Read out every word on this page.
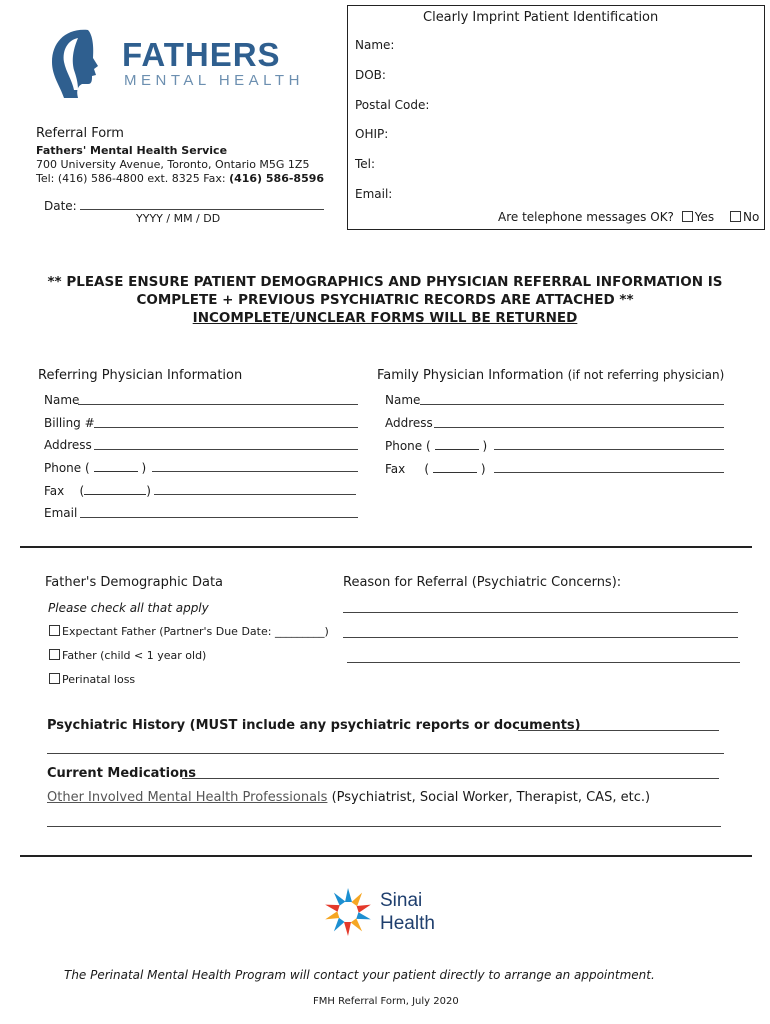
FATHERS
MENTAL HEALTH
Referral Form
Fathers' Mental Health Service
700 University Avenue, Toronto, Ontario M5G 1Z5
Tel: (416) 586-4800 ext. 8325 Fax: (416) 586-8596
Date:
YYYY / MM / DD
Clearly Imprint Patient Identification
Name:
DOB:
Postal Code:
OHIP:
Tel:
Email:
Are telephone messages OK? Yes	No
** PLEASE ENSURE PATIENT DEMOGRAPHICS AND PHYSICIAN REFERRAL INFORMATION IS
COMPLETE + PREVIOUS PSYCHIATRIC RECORDS ARE ATTACHED **
INCOMPLETE/UNCLEAR FORMS WILL BE RETURNED
Referring Physician Information
Name
Billing #
Address
Phone (	)
Fax    (	)
Email
Family Physician Information (if not referring physician)
Name
Address
Phone (	)
Fax     (	)
Father's Demographic Data
Please check all that apply
Expectant Father (Partner's Due Date: _________)
Father (child < 1 year old)
Perinatal loss
Reason for Referral (Psychiatric Concerns):
Psychiatric History (MUST include any psychiatric reports or documents)
Current Medications
Other Involved Mental Health Professionals (Psychiatrist, Social Worker, Therapist, CAS, etc.)
Sinai
Health
The Perinatal Mental Health Program will contact your patient directly to arrange an appointment.
FMH Referral Form, July 2020
